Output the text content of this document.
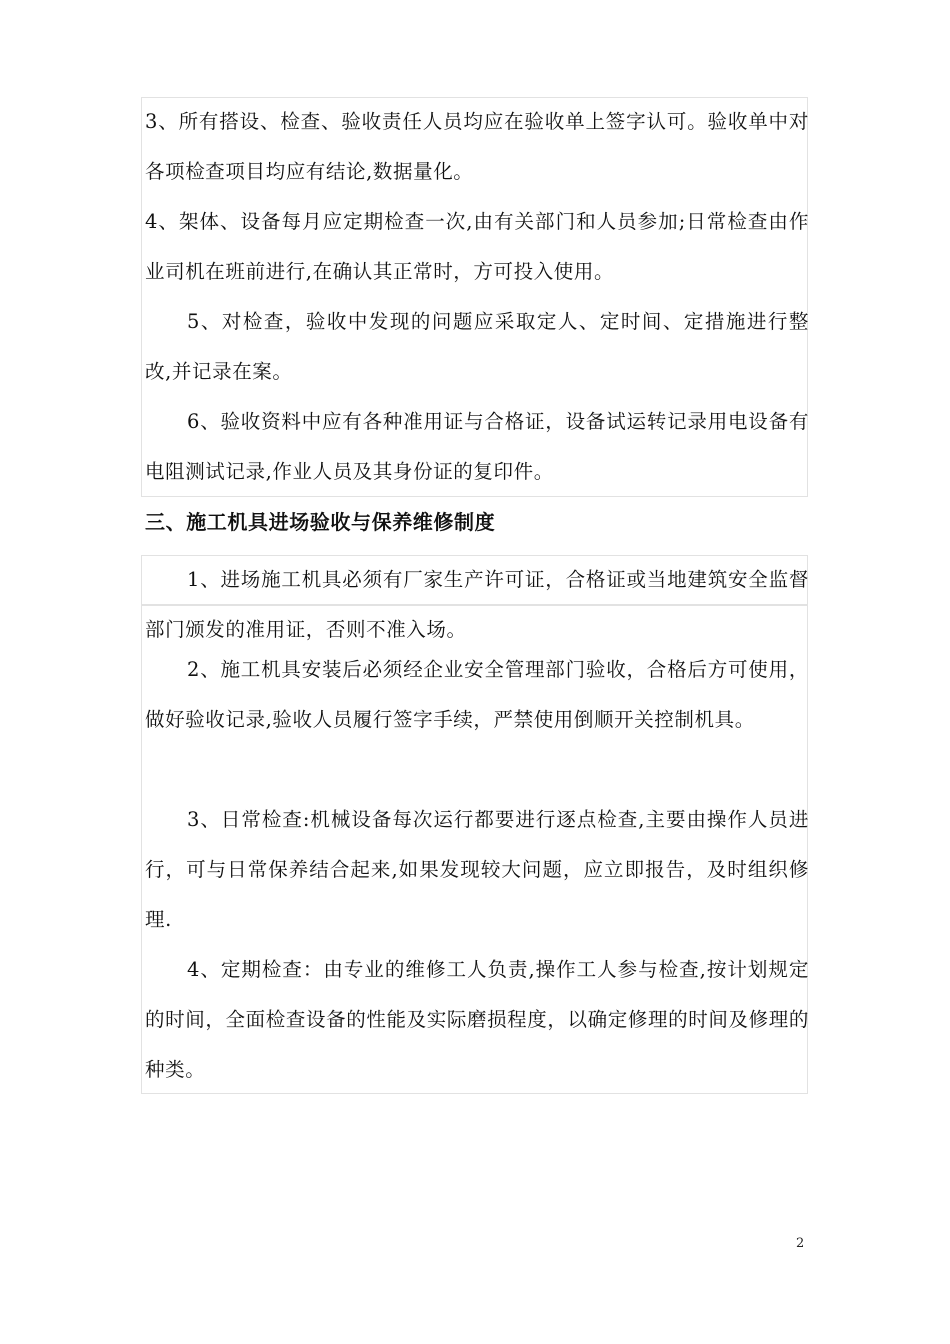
3、所有搭设、检查、验收责任人员均应在验收单上签字认可。验收单中对各项检查项目均应有结论,数据量化。

4、架体、设备每月应定期检查一次,由有关部门和人员参加;日常检查由作业司机在班前进行,在确认其正常时，方可投入使用。

5、对检查，验收中发现的问题应采取定人、定时间、定措施进行整改,并记录在案。

6、验收资料中应有各种准用证与合格证，设备试运转记录用电设备有电阻测试记录,作业人员及其身份证的复印件。

三、施工机具进场验收与保养维修制度

1、进场施工机具必须有厂家生产许可证，合格证或当地建筑安全监督部门颁发的准用证，否则不准入场。

2、施工机具安装后必须经企业安全管理部门验收，合格后方可使用，做好验收记录,验收人员履行签字手续，严禁使用倒顺开关控制机具。

3、日常检查:机械设备每次运行都要进行逐点检查,主要由操作人员进行，可与日常保养结合起来,如果发现较大问题，应立即报告，及时组织修理.

4、定期检查：由专业的维修工人负责,操作工人参与检查,按计划规定的时间，全面检查设备的性能及实际磨损程度，以确定修理的时间及修理的种类。

2
